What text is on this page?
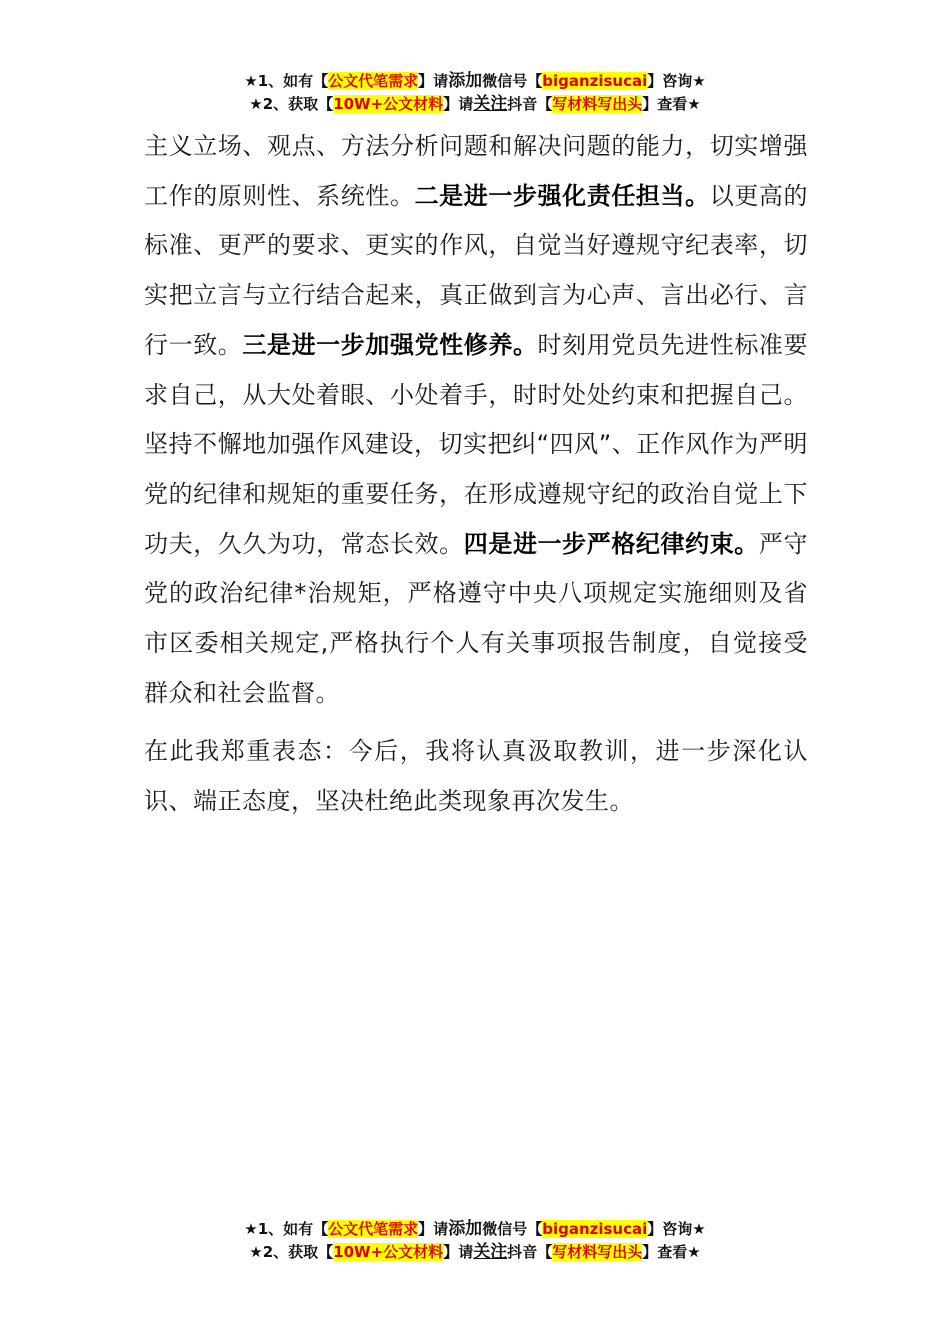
★1、如有【公文代笔需求】请添加微信号【biganzisucai】咨询★
★2、获取【10W+公文材料】请关注抖音【写材料写出头】查看★

主义立场、观点、方法分析问题和解决问题的能力，切实增强工作的原则性、系统性。二是进一步强化责任担当。以更高的标准、更严的要求、更实的作风，自觉当好遵规守纪表率，切实把立言与立行结合起来，真正做到言为心声、言出必行、言行一致。三是进一步加强党性修养。时刻用党员先进性标准要求自己，从大处着眼、小处着手，时时处处约束和把握自己。坚持不懈地加强作风建设，切实把纠“四风”、正作风作为严明党的纪律和规矩的重要任务，在形成遵规守纪的政治自觉上下功夫，久久为功，常态长效。四是进一步严格纪律约束。严守党的政治纪律*治规矩，严格遵守中央八项规定实施细则及省市区委相关规定,严格执行个人有关事项报告制度，自觉接受群众和社会监督。

在此我郑重表态：今后，我将认真汲取教训，进一步深化认识、端正态度，坚决杜绝此类现象再次发生。

★1、如有【公文代笔需求】请添加微信号【biganzisucai】咨询★
★2、获取【10W+公文材料】请关注抖音【写材料写出头】查看★
